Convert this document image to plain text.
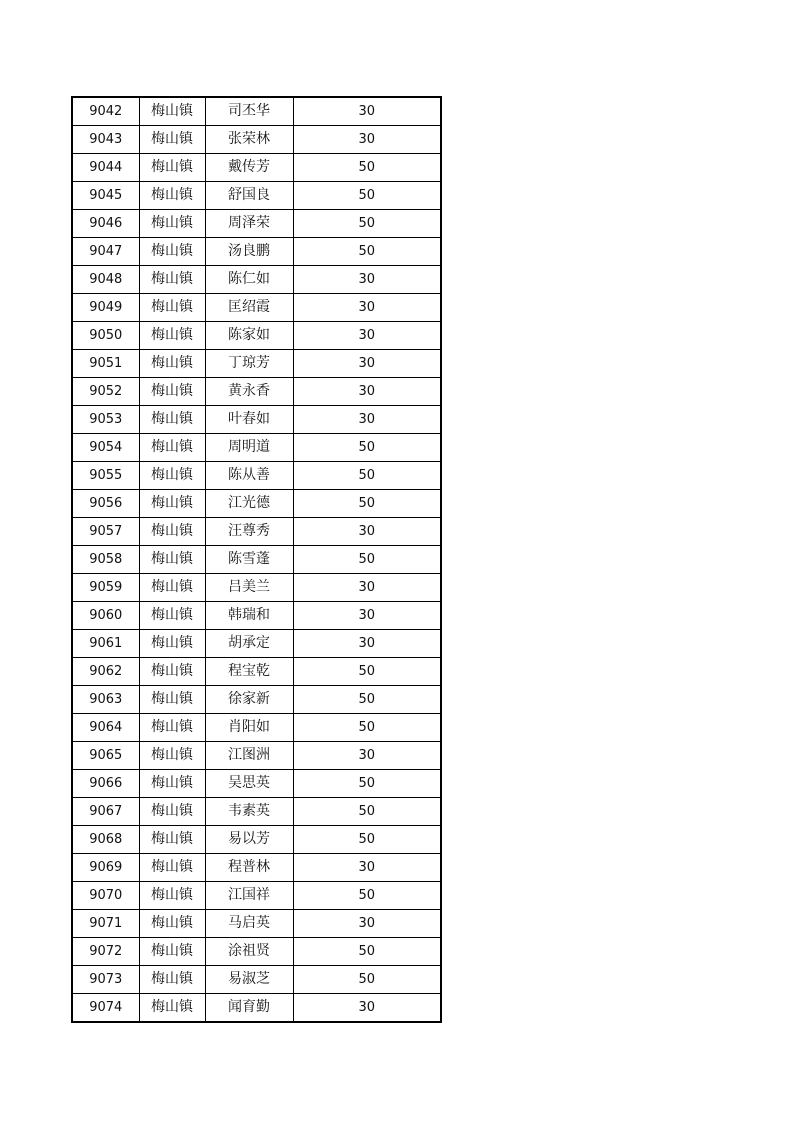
9042	梅山镇	司丕华	30
9043	梅山镇	张荣林	30
9044	梅山镇	戴传芳	50
9045	梅山镇	舒国良	50
9046	梅山镇	周泽荣	50
9047	梅山镇	汤良鹏	50
9048	梅山镇	陈仁如	30
9049	梅山镇	匡绍霞	30
9050	梅山镇	陈家如	30
9051	梅山镇	丁琼芳	30
9052	梅山镇	黄永香	30
9053	梅山镇	叶春如	30
9054	梅山镇	周明道	50
9055	梅山镇	陈从善	50
9056	梅山镇	江光德	50
9057	梅山镇	汪尊秀	30
9058	梅山镇	陈雪蓬	50
9059	梅山镇	吕美兰	30
9060	梅山镇	韩瑞和	30
9061	梅山镇	胡承定	30
9062	梅山镇	程宝乾	50
9063	梅山镇	徐家新	50
9064	梅山镇	肖阳如	50
9065	梅山镇	江图洲	30
9066	梅山镇	吴思英	50
9067	梅山镇	韦素英	50
9068	梅山镇	易以芳	50
9069	梅山镇	程普林	30
9070	梅山镇	江国祥	50
9071	梅山镇	马启英	30
9072	梅山镇	涂祖贤	50
9073	梅山镇	易淑芝	50
9074	梅山镇	闻育勤	30
